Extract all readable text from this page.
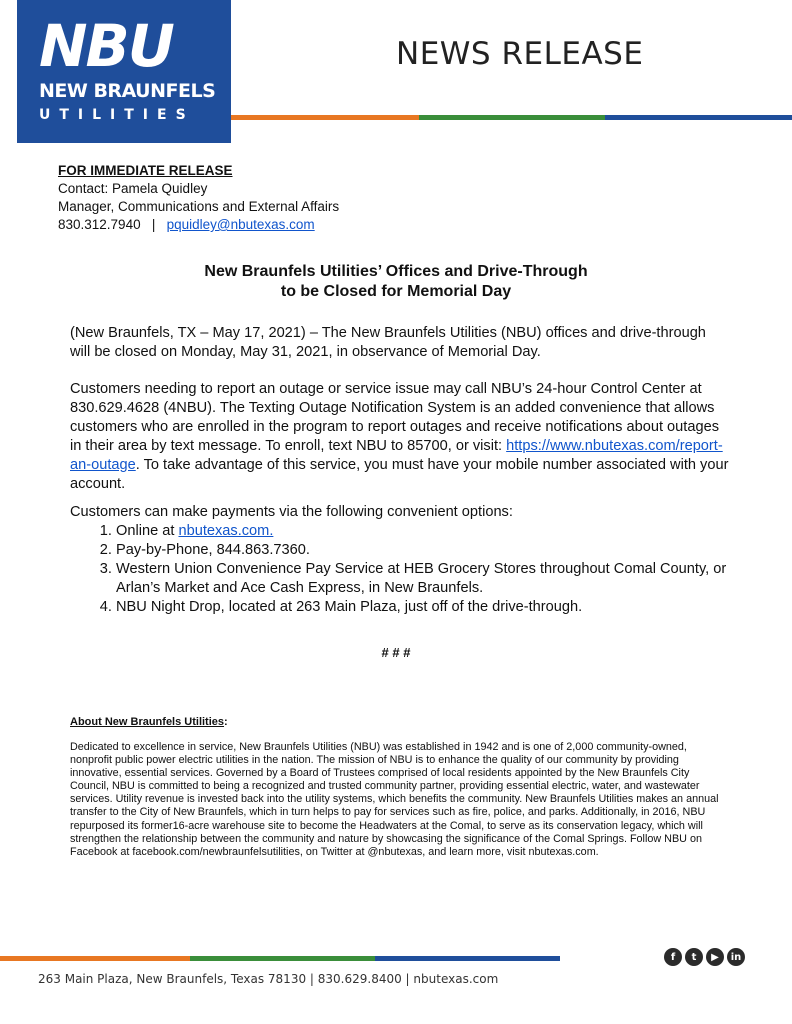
NBU
NEW BRAUNFELS
UTILITIES
NEWS RELEASE
FOR IMMEDIATE RELEASE
Contact: Pamela Quidley
Manager, Communications and External Affairs
830.312.7940 | pquidley@nbutexas.com
New Braunfels Utilities’ Offices and Drive-Through
to be Closed for Memorial Day
(New Braunfels, TX – May 17, 2021) – The New Braunfels Utilities (NBU) offices and drive-through will be closed on Monday, May 31, 2021, in observance of Memorial Day.
Customers needing to report an outage or service issue may call NBU’s 24-hour Control Center at 830.629.4628 (4NBU). The Texting Outage Notification System is an added convenience that allows customers who are enrolled in the program to report outages and receive notifications about outages in their area by text message. To enroll, text NBU to 85700, or visit: https://www.nbutexas.com/report-an-outage. To take advantage of this service, you must have your mobile number associated with your account.
Customers can make payments via the following convenient options:
1. Online at nbutexas.com.
2. Pay-by-Phone, 844.863.7360.
3. Western Union Convenience Pay Service at HEB Grocery Stores throughout Comal County, or Arlan’s Market and Ace Cash Express, in New Braunfels.
4. NBU Night Drop, located at 263 Main Plaza, just off of the drive-through.
# # #
About New Braunfels Utilities:
Dedicated to excellence in service, New Braunfels Utilities (NBU) was established in 1942 and is one of 2,000 community-owned, nonprofit public power electric utilities in the nation. The mission of NBU is to enhance the quality of our community by providing innovative, essential services. Governed by a Board of Trustees comprised of local residents appointed by the New Braunfels City Council, NBU is committed to being a recognized and trusted community partner, providing essential electric, water, and wastewater services. Utility revenue is invested back into the utility systems, which benefits the community. New Braunfels Utilities makes an annual transfer to the City of New Braunfels, which in turn helps to pay for services such as fire, police, and parks. Additionally, in 2016, NBU repurposed its former16-acre warehouse site to become the Headwaters at the Comal, to serve as its conservation legacy, which will strengthen the relationship between the community and nature by showcasing the significance of the Comal Springs. Follow NBU on Facebook at facebook.com/newbraunfelsutilities, on Twitter at @nbutexas, and learn more, visit nbutexas.com.
f	t	▶	in
263 Main Plaza, New Braunfels, Texas 78130 | 830.629.8400 | nbutexas.com
